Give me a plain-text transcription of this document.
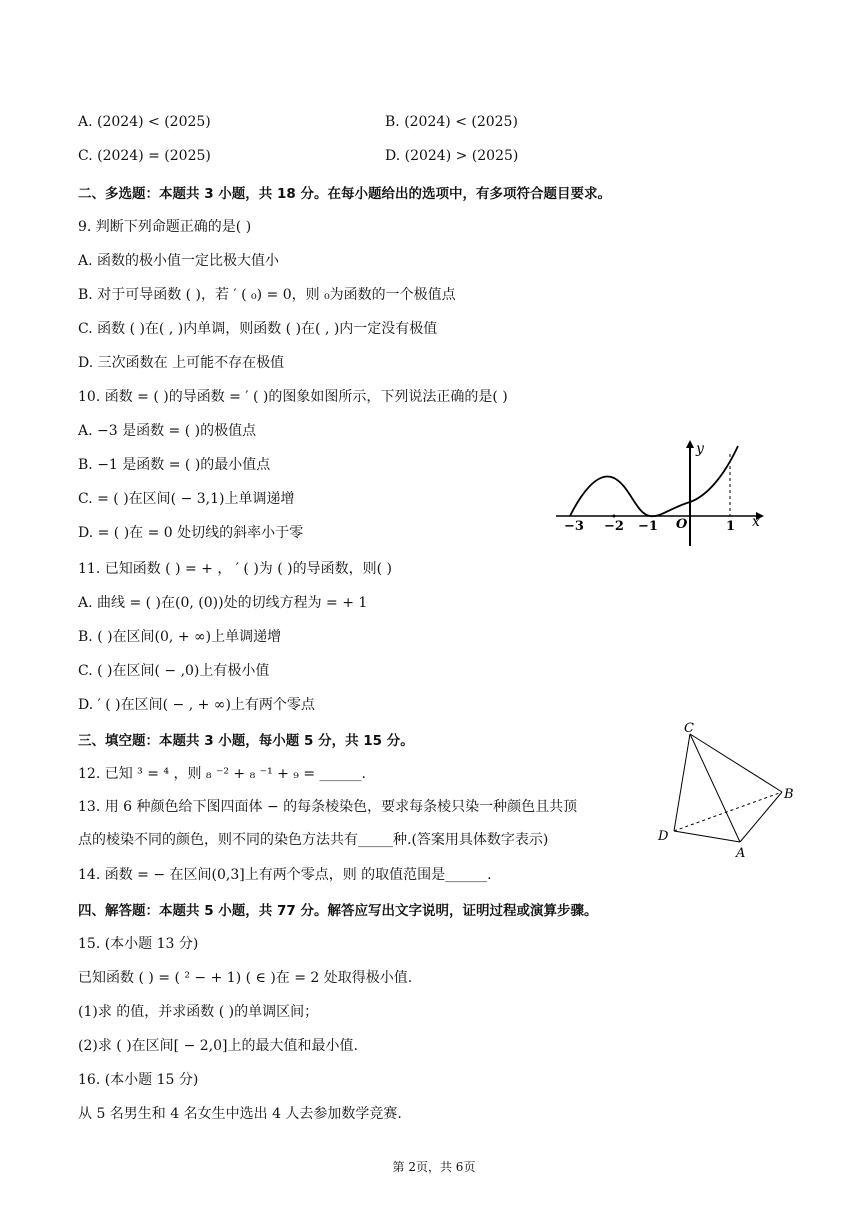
A. (2024) < (2025)	B. (2024) < (2025)
C. (2024) = (2025)	D. (2024) > (2025)
二、多选题：本题共 3 小题，共 18 分。在每小题给出的选项中，有多项符合题目要求。
9. 判断下列命题正确的是( )
A. 函数的极小值一定比极大值小
B. 对于可导函数 ( )，若 ′ ( ₀) = 0，则 ₀为函数的一个极值点
C. 函数 ( )在( , )内单调，则函数 ( )在( , )内一定没有极值
D. 三次函数在 上可能不存在极值
10. 函数 = ( )的导函数 = ′ ( )的图象如图所示，下列说法正确的是( )
A. −3 是函数 = ( )的极值点
B. −1 是函数 = ( )的最小值点
C. = ( )在区间( − 3,1)上单调递增
D. = ( )在 = 0 处切线的斜率小于零
y
x
O
−3 −2 −1	1
11. 已知函数 ( ) = + ， ′ ( )为 ( )的导函数，则( )
A. 曲线 = ( )在(0, (0))处的切线方程为 = + 1
B. ( )在区间(0, + ∞)上单调递增
C. ( )在区间( − ,0)上有极小值
D. ′ ( )在区间( − , + ∞)上有两个零点
三、填空题：本题共 3 小题，每小题 5 分，共 15 分。
12. 已知 ³ = ⁴ ，则 ₈ ⁻² + ₈ ⁻¹ + ₉ = ______.
13. 用 6 种颜色给下图四面体 − 的每条棱染色，要求每条棱只染一种颜色且共顶
点的棱染不同的颜色，则不同的染色方法共有_____种.(答案用具体数字表示)
C
B
D
A
14. 函数 = − 在区间(0,3]上有两个零点，则 的取值范围是______.
四、解答题：本题共 5 小题，共 77 分。解答应写出文字说明，证明过程或演算步骤。
15. (本小题 13 分)
已知函数 ( ) = ( ² − + 1) ( ∈ )在 = 2 处取得极小值.
(1)求 的值，并求函数 ( )的单调区间；
(2)求 ( )在区间[ − 2,0]上的最大值和最小值.
16. (本小题 15 分)
从 5 名男生和 4 名女生中选出 4 人去参加数学竞赛.
第 2页，共 6页
